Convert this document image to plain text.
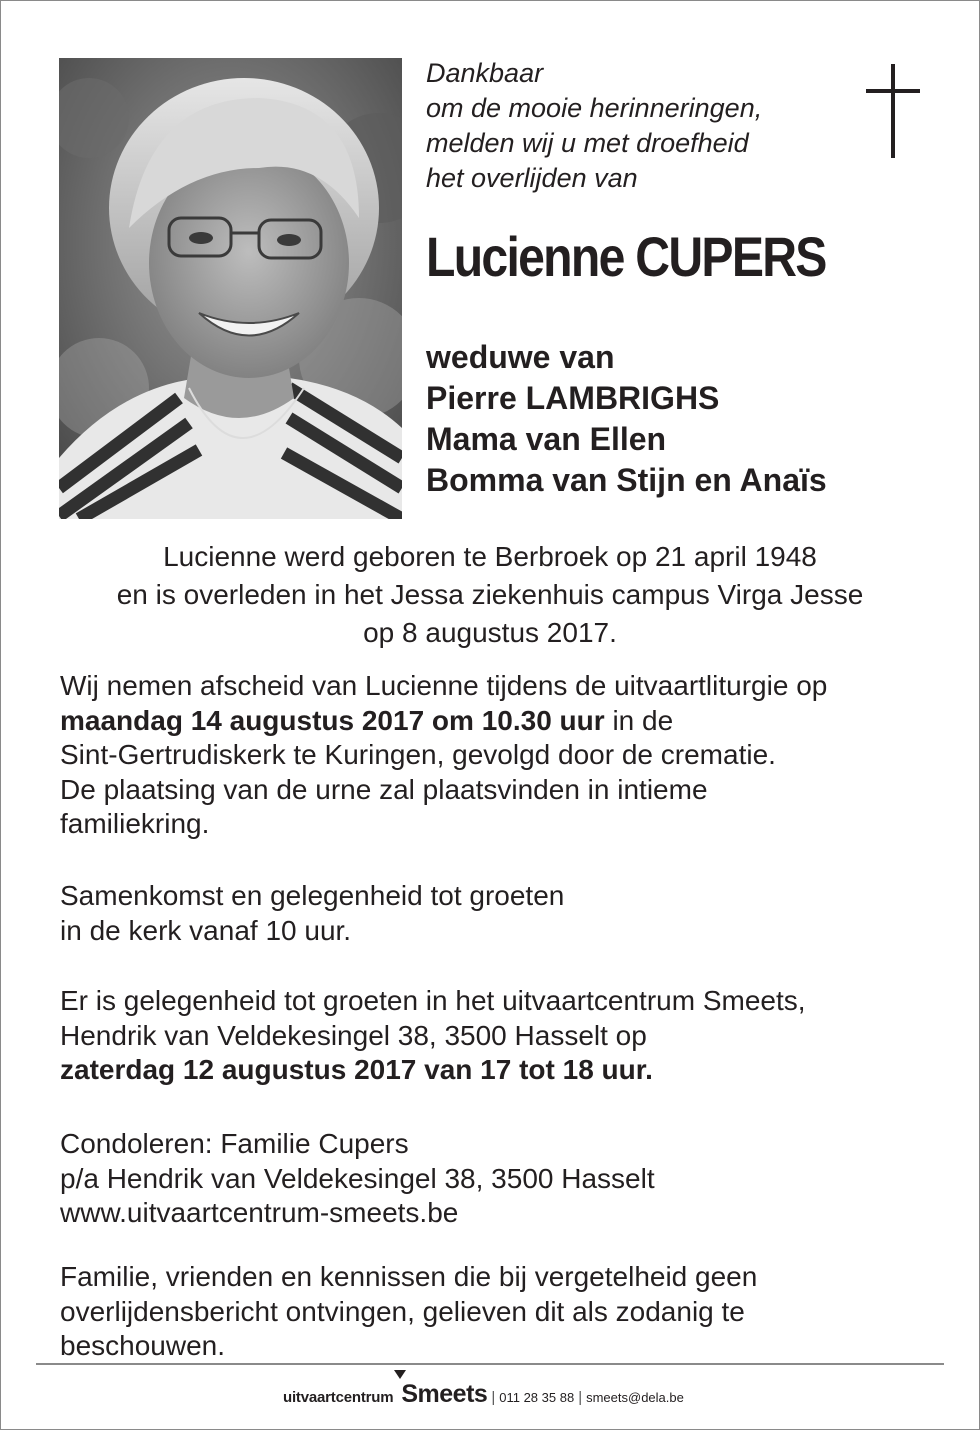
Dankbaar
om de mooie herinneringen,
melden wij u met droefheid
het overlijden van
Lucienne CUPERS
weduwe van
Pierre LAMBRIGHS
Mama van Ellen
Bomma van Stijn en Anaïs
Lucienne werd geboren te Berbroek op 21 april 1948
en is overleden in het Jessa ziekenhuis campus Virga Jesse
op 8 augustus 2017.
Wij nemen afscheid van Lucienne tijdens de uitvaartliturgie op
maandag 14 augustus 2017 om 10.30 uur in de
Sint-Gertrudiskerk te Kuringen, gevolgd door de crematie.
De plaatsing van de urne zal plaatsvinden in intieme
familiekring.
Samenkomst en gelegenheid tot groeten
in de kerk vanaf 10 uur.
Er is gelegenheid tot groeten in het uitvaartcentrum Smeets,
Hendrik van Veldekesingel 38, 3500 Hasselt op
zaterdag 12 augustus 2017 van 17 tot 18 uur.
Condoleren: Familie Cupers
p/a Hendrik van Veldekesingel 38, 3500 Hasselt
www.uitvaartcentrum-smeets.be
Familie, vrienden en kennissen die bij vergetelheid geen
overlijdensbericht ontvingen, gelieven dit als zodanig te
beschouwen.
uitvaartcentrum Smeets | 011 28 35 88 | smeets@dela.be
